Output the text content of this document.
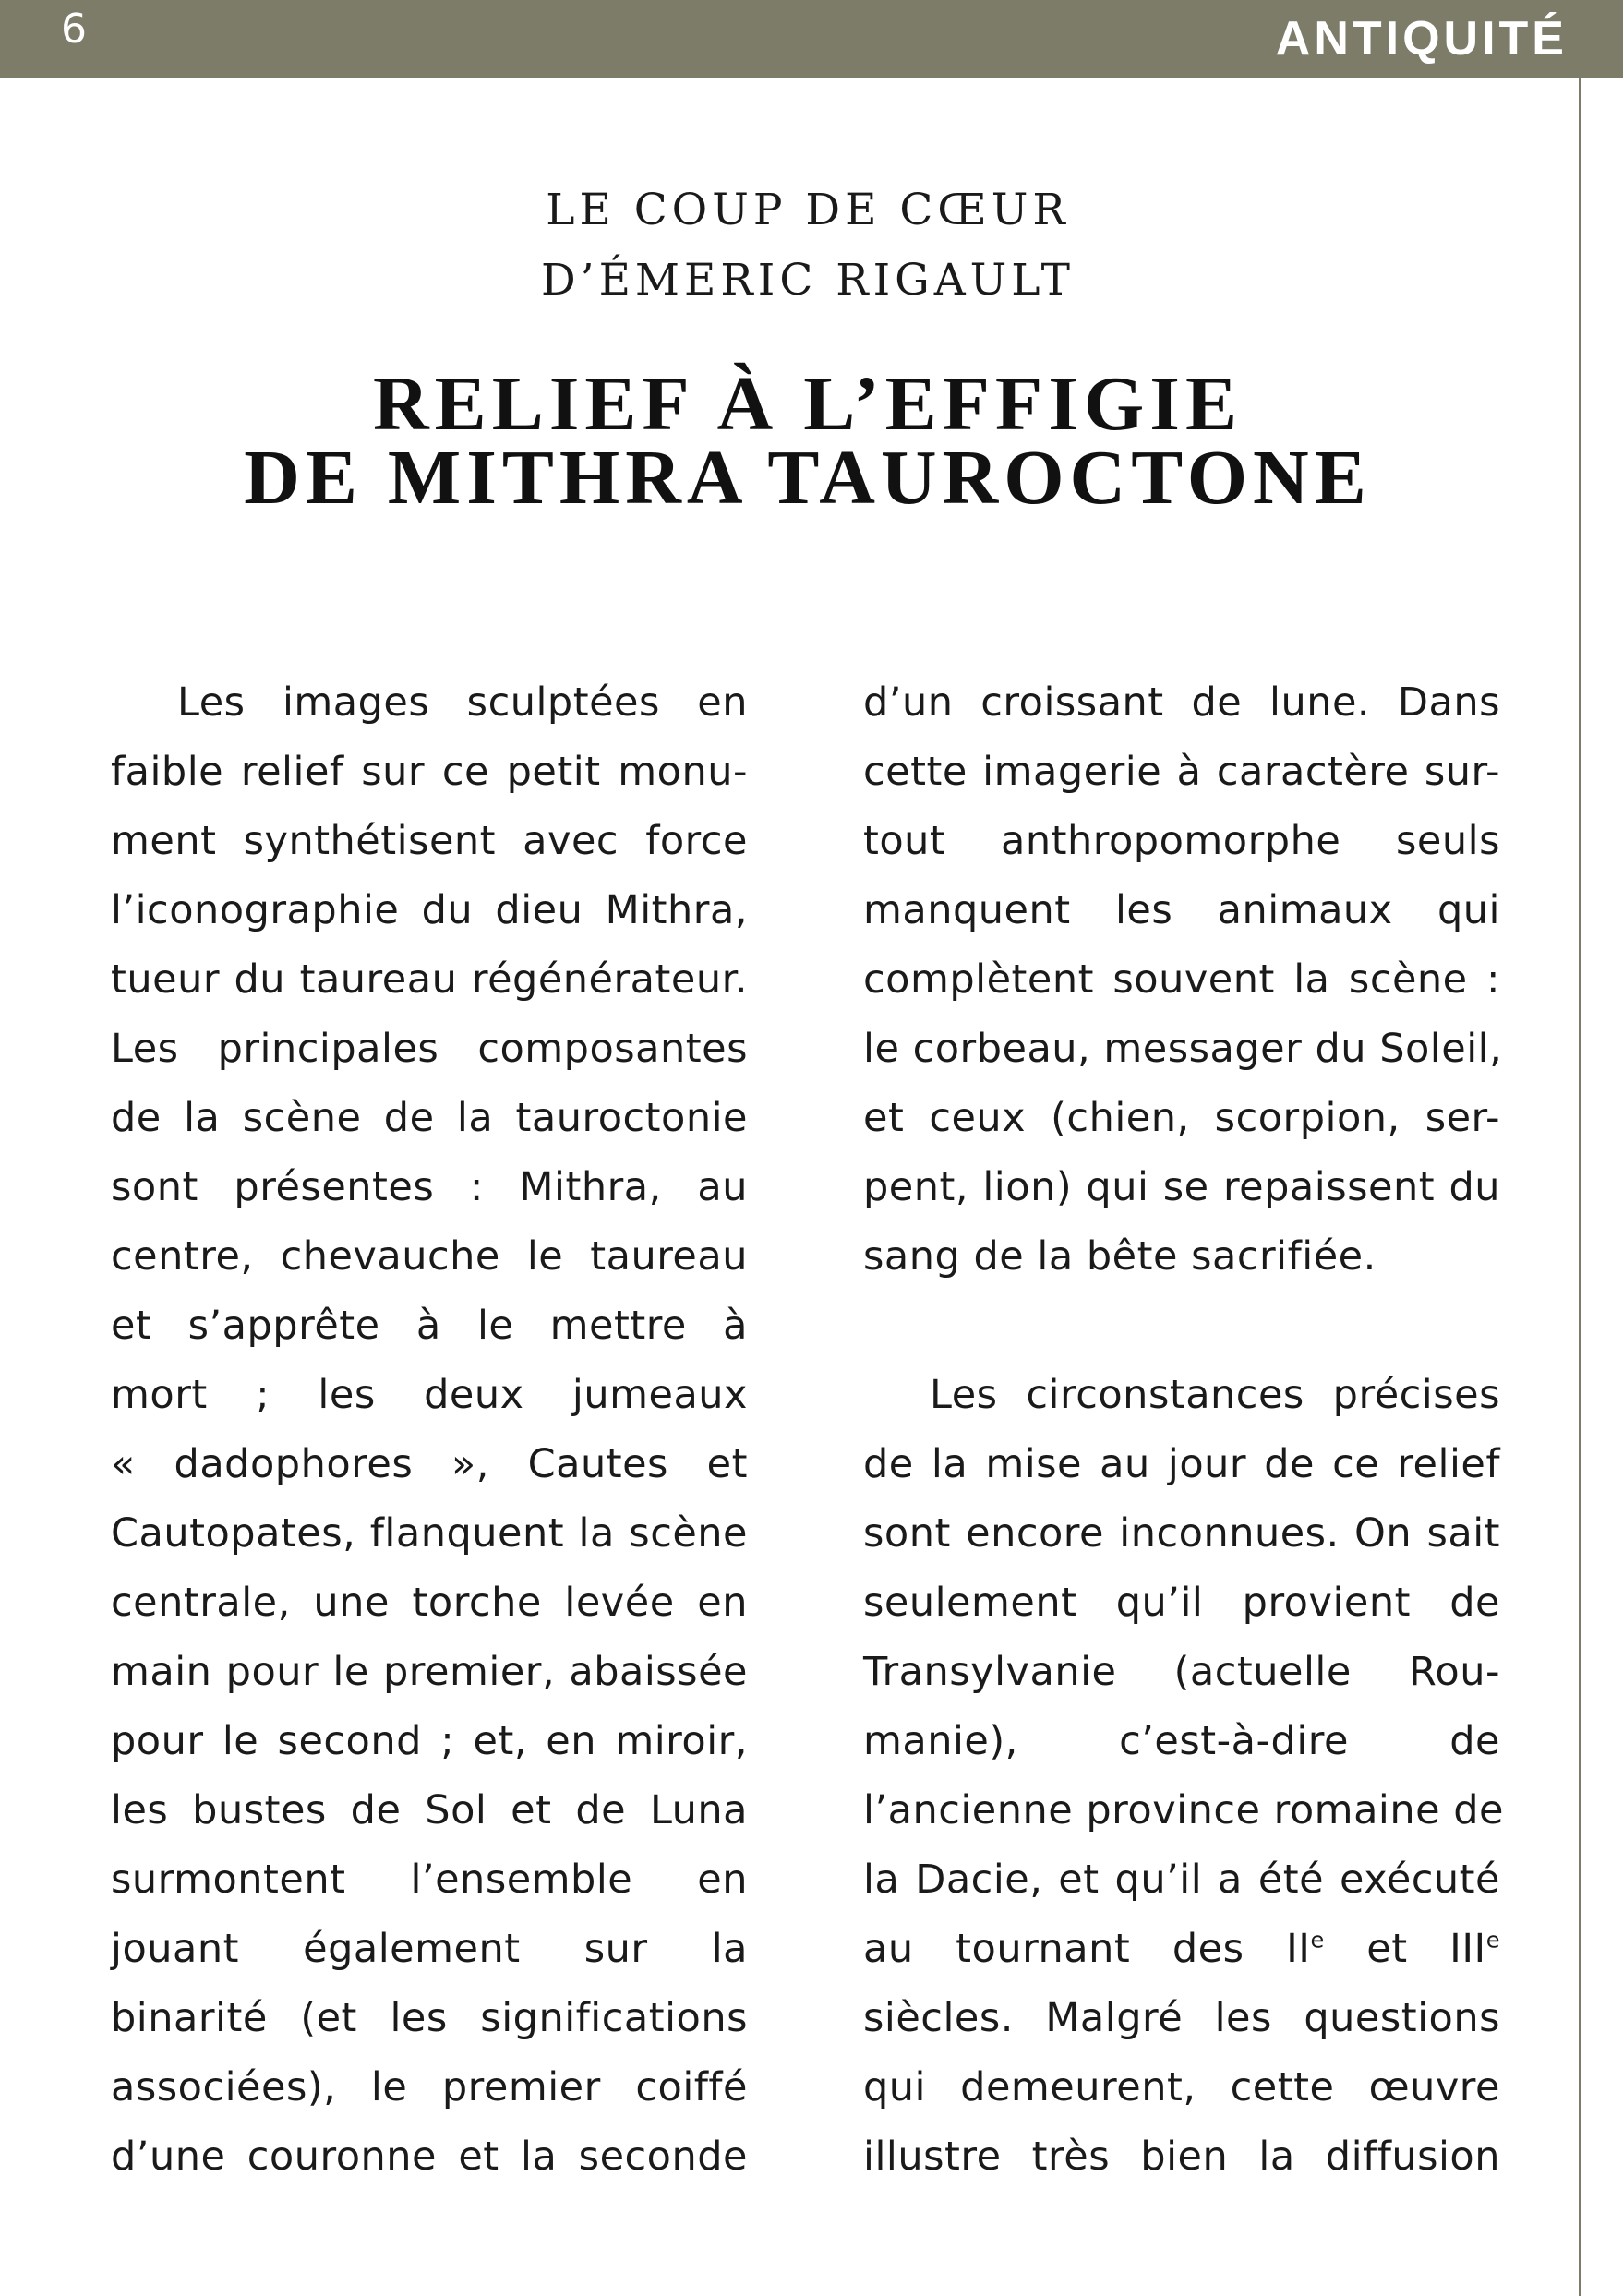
6	ANTIQUITÉ
LE COUP DE CŒUR
D’ÉMERIC RIGAULT
RELIEF À L’EFFIGIE
DE MITHRA TAUROCTONE
Les images sculptées en
faible relief sur ce petit monu-
ment synthétisent avec force
l’iconographie du dieu Mithra,
tueur du taureau régénérateur.
Les principales composantes
de la scène de la tauroctonie
sont présentes : Mithra, au
centre, chevauche le taureau
et s’apprête à le mettre à
mort ; les deux jumeaux
« dadophores », Cautes et
Cautopates, flanquent la scène
centrale, une torche levée en
main pour le premier, abaissée
pour le second ; et, en miroir,
les bustes de Sol et de Luna
surmontent l’ensemble en
jouant également sur la
binarité (et les significations
associées), le premier coiffé
d’une couronne et la seconde
d’un croissant de lune. Dans
cette imagerie à caractère sur-
tout anthropomorphe seuls
manquent les animaux qui
complètent souvent la scène :
le corbeau, messager du Soleil,
et ceux (chien, scorpion, ser-
pent, lion) qui se repaissent du
sang de la bête sacrifiée.
Les circonstances précises
de la mise au jour de ce relief
sont encore inconnues. On sait
seulement qu’il provient de
Transylvanie (actuelle Rou-
manie), c’est-à-dire de
l’ancienne province romaine de
la Dacie, et qu’il a été exécuté
au tournant des IIe et IIIe
siècles. Malgré les questions
qui demeurent, cette œuvre
illustre très bien la diffusion
